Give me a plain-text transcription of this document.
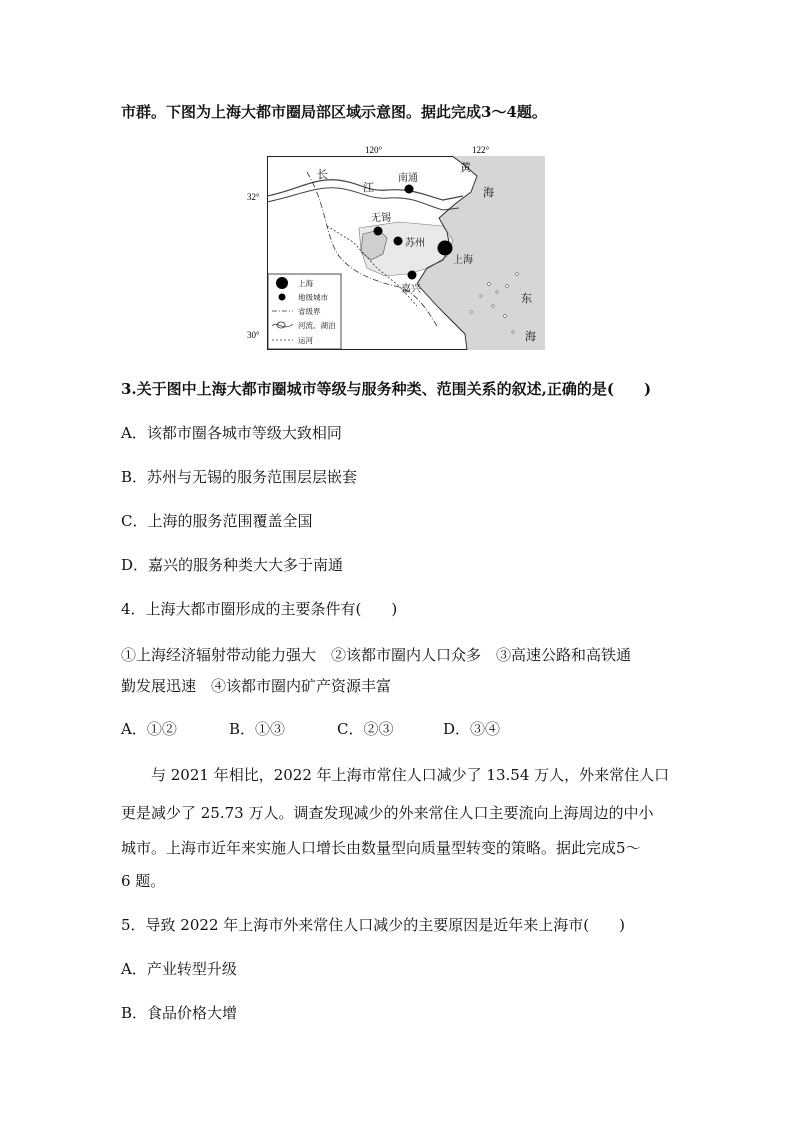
市群。下图为上海大都市圈局部区域示意图。据此完成3～4题。
120°	122°
32°
30°
黄
海
东
海
长
江
南通
无锡
苏州
上海
嘉兴
上海
地级城市
省级界
河流、湖泊
运河
3.关于图中上海大都市圈城市等级与服务种类、范围关系的叙述,正确的是(　　)
A．该都市圈各城市等级大致相同
B．苏州与无锡的服务范围层层嵌套
C．上海的服务范围覆盖全国
D．嘉兴的服务种类大大多于南通
4．上海大都市圈形成的主要条件有(　　)
①上海经济辐射带动能力强大　②该都市圈内人口众多　③高速公路和高铁通
勤发展迅速　④该都市圈内矿产资源丰富
A．①②	B．①③	C．②③	D．③④
与 2021 年相比，2022 年上海市常住人口减少了 13.54 万人，外来常住人口
更是减少了 25.73 万人。调查发现减少的外来常住人口主要流向上海周边的中小
城市。上海市近年来实施人口增长由数量型向质量型转变的策略。据此完成5～
6 题。
5．导致 2022 年上海市外来常住人口减少的主要原因是近年来上海市(　　)
A．产业转型升级
B．食品价格大增
